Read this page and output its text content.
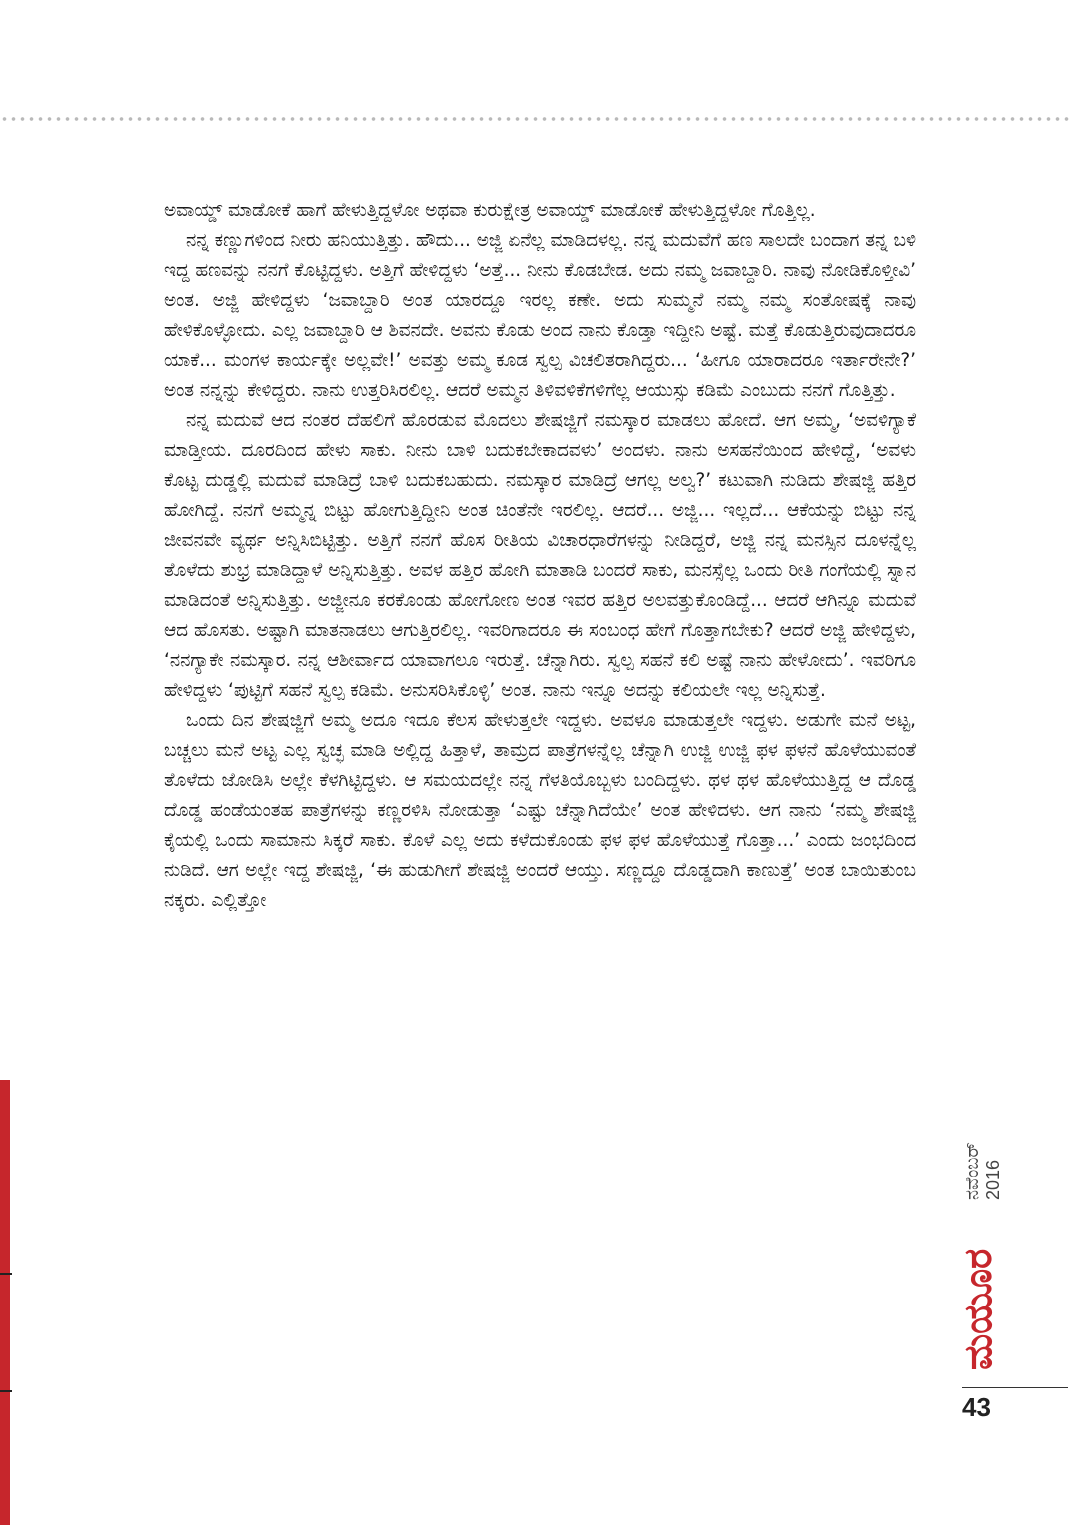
ಅವಾಯ್ಡ್ ಮಾಡೋಕೆ ಹಾಗೆ ಹೇಳುತ್ತಿದ್ದಳೋ ಅಥವಾ ಕುರುಕ್ಷೇತ್ರ ಅವಾಯ್ಡ್ ಮಾಡೋಕೆ ಹೇಳುತ್ತಿದ್ದಳೋ ಗೊತ್ತಿಲ್ಲ.

ನನ್ನ ಕಣ್ಣುಗಳಿಂದ ನೀರು ಹನಿಯುತ್ತಿತ್ತು. ಹೌದು... ಅಜ್ಜಿ ಏನೆಲ್ಲ ಮಾಡಿದಳಲ್ಲ. ನನ್ನ ಮದುವೆಗೆ ಹಣ ಸಾಲದೇ ಬಂದಾಗ ತನ್ನ ಬಳಿ ಇದ್ದ ಹಣವನ್ನು ನನಗೆ ಕೊಟ್ಟಿದ್ದಳು. ಅತ್ತಿಗೆ ಹೇಳಿದ್ದಳು ‘ಅತ್ತೆ... ನೀನು ಕೊಡಬೇಡ. ಅದು ನಮ್ಮ ಜವಾಬ್ದಾರಿ. ನಾವು ನೋಡಿಕೊಳ್ತೀವಿ’ ಅಂತ. ಅಜ್ಜಿ ಹೇಳಿದ್ದಳು ‘ಜವಾಬ್ದಾರಿ ಅಂತ ಯಾರದ್ದೂ ಇರಲ್ಲ ಕಣೇ. ಅದು ಸುಮ್ಮನೆ ನಮ್ಮ ನಮ್ಮ ಸಂತೋಷಕ್ಕೆ ನಾವು ಹೇಳಿಕೊಳ್ಳೋದು. ಎಲ್ಲ ಜವಾಬ್ದಾರಿ ಆ ಶಿವನದೇ. ಅವನು ಕೊಡು ಅಂದ ನಾನು ಕೊಡ್ತಾ ಇದ್ದೀನಿ ಅಷ್ಟೆ. ಮತ್ತೆ ಕೊಡುತ್ತಿರುವುದಾದರೂ ಯಾಕೆ... ಮಂಗಳ ಕಾರ್ಯಕ್ಕೇ ಅಲ್ಲವೇ!’ ಅವತ್ತು ಅಮ್ಮ ಕೂಡ ಸ್ವಲ್ಪ ವಿಚಲಿತರಾಗಿದ್ದರು... ‘ಹೀಗೂ ಯಾರಾದರೂ ಇರ್ತಾರೇನೇ?’ ಅಂತ ನನ್ನನ್ನು ಕೇಳಿದ್ದರು. ನಾನು ಉತ್ತರಿಸಿರಲಿಲ್ಲ. ಆದರೆ ಅಮ್ಮನ ತಿಳಿವಳಿಕೆಗಳಿಗೆಲ್ಲ ಆಯುಸ್ಸು ಕಡಿಮೆ ಎಂಬುದು ನನಗೆ ಗೊತ್ತಿತ್ತು.

ನನ್ನ ಮದುವೆ ಆದ ನಂತರ ದೆಹಲಿಗೆ ಹೊರಡುವ ಮೊದಲು ಶೇಷಜ್ಜಿಗೆ ನಮಸ್ಕಾರ ಮಾಡಲು ಹೋದೆ. ಆಗ ಅಮ್ಮ, ‘ಅವಳಿಗ್ಯಾಕೆ ಮಾಡ್ತೀಯ. ದೂರದಿಂದ ಹೇಳು ಸಾಕು. ನೀನು ಬಾಳಿ ಬದುಕಬೇಕಾದವಳು’ ಅಂದಳು. ನಾನು ಅಸಹನೆಯಿಂದ ಹೇಳಿದ್ದೆ, ‘ಅವಳು ಕೊಟ್ಟ ದುಡ್ಡಲ್ಲಿ ಮದುವೆ ಮಾಡಿದ್ರೆ ಬಾಳಿ ಬದುಕಬಹುದು. ನಮಸ್ಕಾರ ಮಾಡಿದ್ರೆ ಆಗಲ್ಲ ಅಲ್ವ?’ ಕಟುವಾಗಿ ನುಡಿದು ಶೇಷಜ್ಜಿ ಹತ್ತಿರ ಹೋಗಿದ್ದೆ. ನನಗೆ ಅಮ್ಮನ್ನ ಬಿಟ್ಟು ಹೋಗುತ್ತಿದ್ದೀನಿ ಅಂತ ಚಿಂತೆನೇ ಇರಲಿಲ್ಲ. ಆದರೆ... ಅಜ್ಜಿ... ಇಲ್ಲದೆ... ಆಕೆಯನ್ನು ಬಿಟ್ಟು ನನ್ನ ಜೀವನವೇ ವ್ಯರ್ಥ ಅನ್ನಿಸಿಬಿಟ್ಟಿತ್ತು. ಅತ್ತಿಗೆ ನನಗೆ ಹೊಸ ರೀತಿಯ ವಿಚಾರಧಾರೆಗಳನ್ನು ನೀಡಿದ್ದರೆ, ಅಜ್ಜಿ ನನ್ನ ಮನಸ್ಸಿನ ದೂಳನ್ನೆಲ್ಲ ತೊಳೆದು ಶುಭ್ರ ಮಾಡಿದ್ದಾಳೆ ಅನ್ನಿಸುತ್ತಿತ್ತು. ಅವಳ ಹತ್ತಿರ ಹೋಗಿ ಮಾತಾಡಿ ಬಂದರೆ ಸಾಕು, ಮನಸ್ಸೆಲ್ಲ ಒಂದು ರೀತಿ ಗಂಗೆಯಲ್ಲಿ ಸ್ನಾನ ಮಾಡಿದಂತೆ ಅನ್ನಿಸುತ್ತಿತ್ತು. ಅಜ್ಜೀನೂ ಕರಕೊಂಡು ಹೋಗೋಣ ಅಂತ ಇವರ ಹತ್ತಿರ ಅಲವತ್ತುಕೊಂಡಿದ್ದೆ... ಆದರೆ ಆಗಿನ್ನೂ ಮದುವೆ ಆದ ಹೊಸತು. ಅಷ್ಟಾಗಿ ಮಾತನಾಡಲು ಆಗುತ್ತಿರಲಿಲ್ಲ. ಇವರಿಗಾದರೂ ಈ ಸಂಬಂಧ ಹೇಗೆ ಗೊತ್ತಾಗಬೇಕು? ಆದರೆ ಅಜ್ಜಿ ಹೇಳಿದ್ದಳು, ‘ನನಗ್ಯಾಕೇ ನಮಸ್ಕಾರ. ನನ್ನ ಆಶೀರ್ವಾದ ಯಾವಾಗಲೂ ಇರುತ್ತೆ. ಚೆನ್ನಾಗಿರು. ಸ್ವಲ್ಪ ಸಹನೆ ಕಲಿ ಅಷ್ಟೆ ನಾನು ಹೇಳೋದು’. ಇವರಿಗೂ ಹೇಳಿದ್ದಳು ‘ಪುಟ್ಟಿಗೆ ಸಹನೆ ಸ್ವಲ್ಪ ಕಡಿಮೆ. ಅನುಸರಿಸಿಕೊಳ್ಳಿ’ ಅಂತ. ನಾನು ಇನ್ನೂ ಅದನ್ನು ಕಲಿಯಲೇ ಇಲ್ಲ ಅನ್ನಿಸುತ್ತೆ.

ಒಂದು ದಿನ ಶೇಷಜ್ಜಿಗೆ ಅಮ್ಮ ಅದೂ ಇದೂ ಕೆಲಸ ಹೇಳುತ್ತಲೇ ಇದ್ದಳು. ಅವಳೂ ಮಾಡುತ್ತಲೇ ಇದ್ದಳು. ಅಡುಗೇ ಮನೆ ಅಟ್ಟ, ಬಚ್ಚಲು ಮನೆ ಅಟ್ಟ ಎಲ್ಲ ಸ್ವಚ್ಛ ಮಾಡಿ ಅಲ್ಲಿದ್ದ ಹಿತ್ತಾಳೆ, ತಾಮ್ರದ ಪಾತ್ರೆಗಳನ್ನೆಲ್ಲ ಚೆನ್ನಾಗಿ ಉಜ್ಜಿ ಉಜ್ಜಿ ಫಳ ಫಳನೆ ಹೊಳೆಯುವಂತೆ ತೊಳೆದು ಜೋಡಿಸಿ ಅಲ್ಲೇ ಕೆಳಗಿಟ್ಟಿದ್ದಳು. ಆ ಸಮಯದಲ್ಲೇ ನನ್ನ ಗೆಳತಿಯೊಬ್ಬಳು ಬಂದಿದ್ದಳು. ಥಳ ಥಳ ಹೊಳೆಯುತ್ತಿದ್ದ ಆ ದೊಡ್ಡ ದೊಡ್ಡ ಹಂಡೆಯಂತಹ ಪಾತ್ರೆಗಳನ್ನು ಕಣ್ಣರಳಿಸಿ ನೋಡುತ್ತಾ ‘ಎಷ್ಟು ಚೆನ್ನಾಗಿದೆಯೇ’ ಅಂತ ಹೇಳಿದಳು. ಆಗ ನಾನು ‘ನಮ್ಮ ಶೇಷಜ್ಜಿ ಕೈಯಲ್ಲಿ ಒಂದು ಸಾಮಾನು ಸಿಕ್ಕರೆ ಸಾಕು. ಕೊಳೆ ಎಲ್ಲ ಅದು ಕಳೆದುಕೊಂಡು ಫಳ ಫಳ ಹೊಳೆಯುತ್ತೆ ಗೊತ್ತಾ...’ ಎಂದು ಜಂಭದಿಂದ ನುಡಿದೆ. ಆಗ ಅಲ್ಲೇ ಇದ್ದ ಶೇಷಜ್ಜಿ, ‘ಈ ಹುಡುಗೀಗೆ ಶೇಷಜ್ಜಿ ಅಂದರೆ ಆಯ್ತು. ಸಣ್ಣದ್ದೂ ದೊಡ್ಡದಾಗಿ ಕಾಣುತ್ತೆ’ ಅಂತ ಬಾಯಿತುಂಬ ನಕ್ಕರು. ಎಲ್ಲಿತ್ತೋ

ನವೆಂಬರ್ 2016
ಮಯೂರ
43
